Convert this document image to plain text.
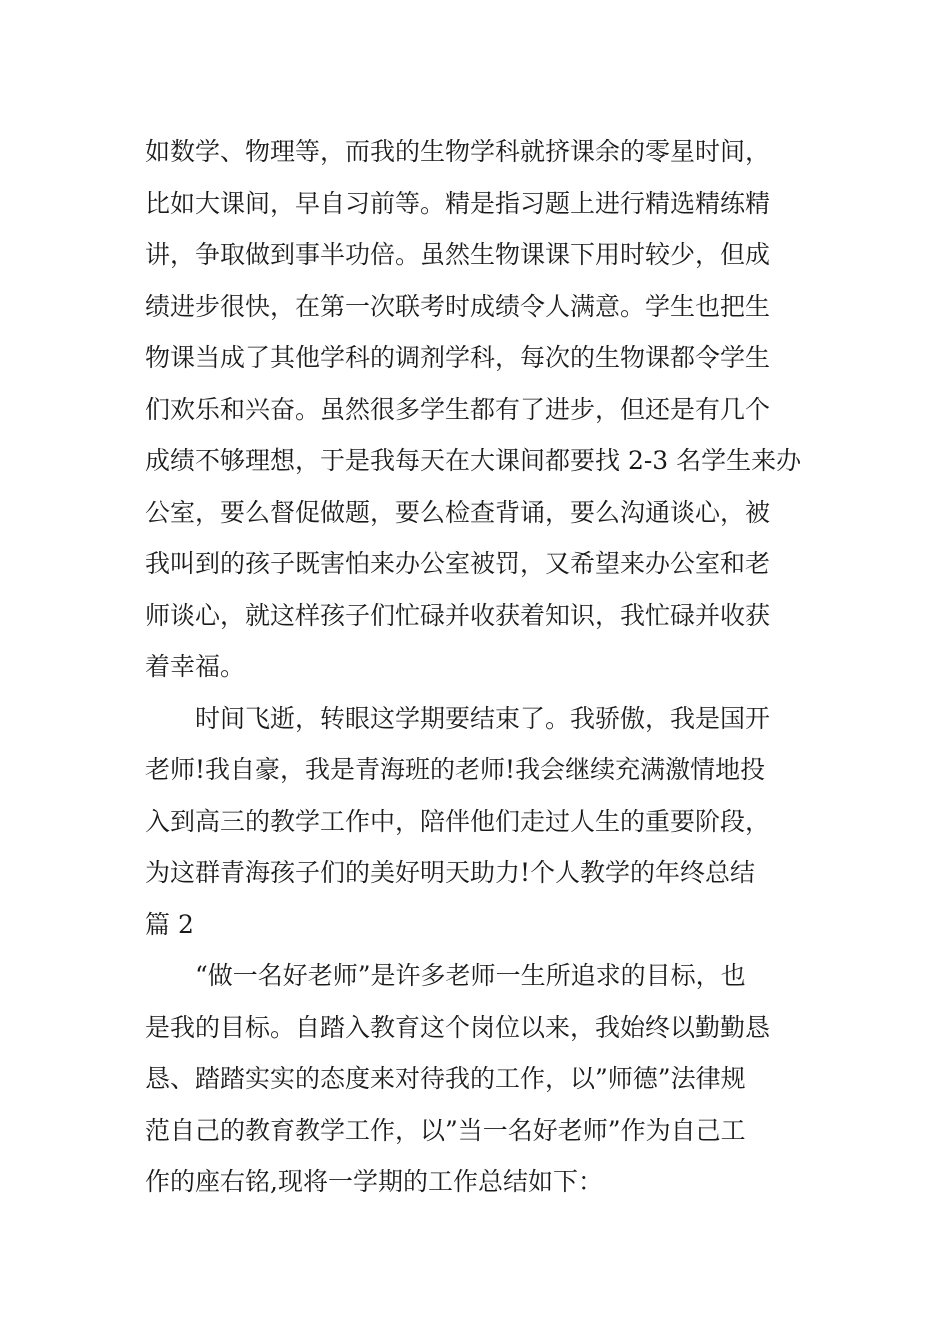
如数学、物理等，而我的生物学科就挤课余的零星时间，
比如大课间，早自习前等。精是指习题上进行精选精练精
讲，争取做到事半功倍。虽然生物课课下用时较少，但成
绩进步很快，在第一次联考时成绩令人满意。学生也把生
物课当成了其他学科的调剂学科，每次的生物课都令学生
们欢乐和兴奋。虽然很多学生都有了进步，但还是有几个
成绩不够理想，于是我每天在大课间都要找 2-3 名学生来办
公室，要么督促做题，要么检查背诵，要么沟通谈心，被
我叫到的孩子既害怕来办公室被罚，又希望来办公室和老
师谈心，就这样孩子们忙碌并收获着知识，我忙碌并收获
着幸福。
时间飞逝，转眼这学期要结束了。我骄傲，我是国开
老师!我自豪，我是青海班的老师!我会继续充满激情地投
入到高三的教学工作中，陪伴他们走过人生的重要阶段，
为这群青海孩子们的美好明天助力!个人教学的年终总结
篇 2
“做一名好老师”是许多老师一生所追求的目标，也
是我的目标。自踏入教育这个岗位以来，我始终以勤勤恳
恳、踏踏实实的态度来对待我的工作，以”师德”法律规
范自己的教育教学工作，以”当一名好老师”作为自己工
作的座右铭,现将一学期的工作总结如下：
